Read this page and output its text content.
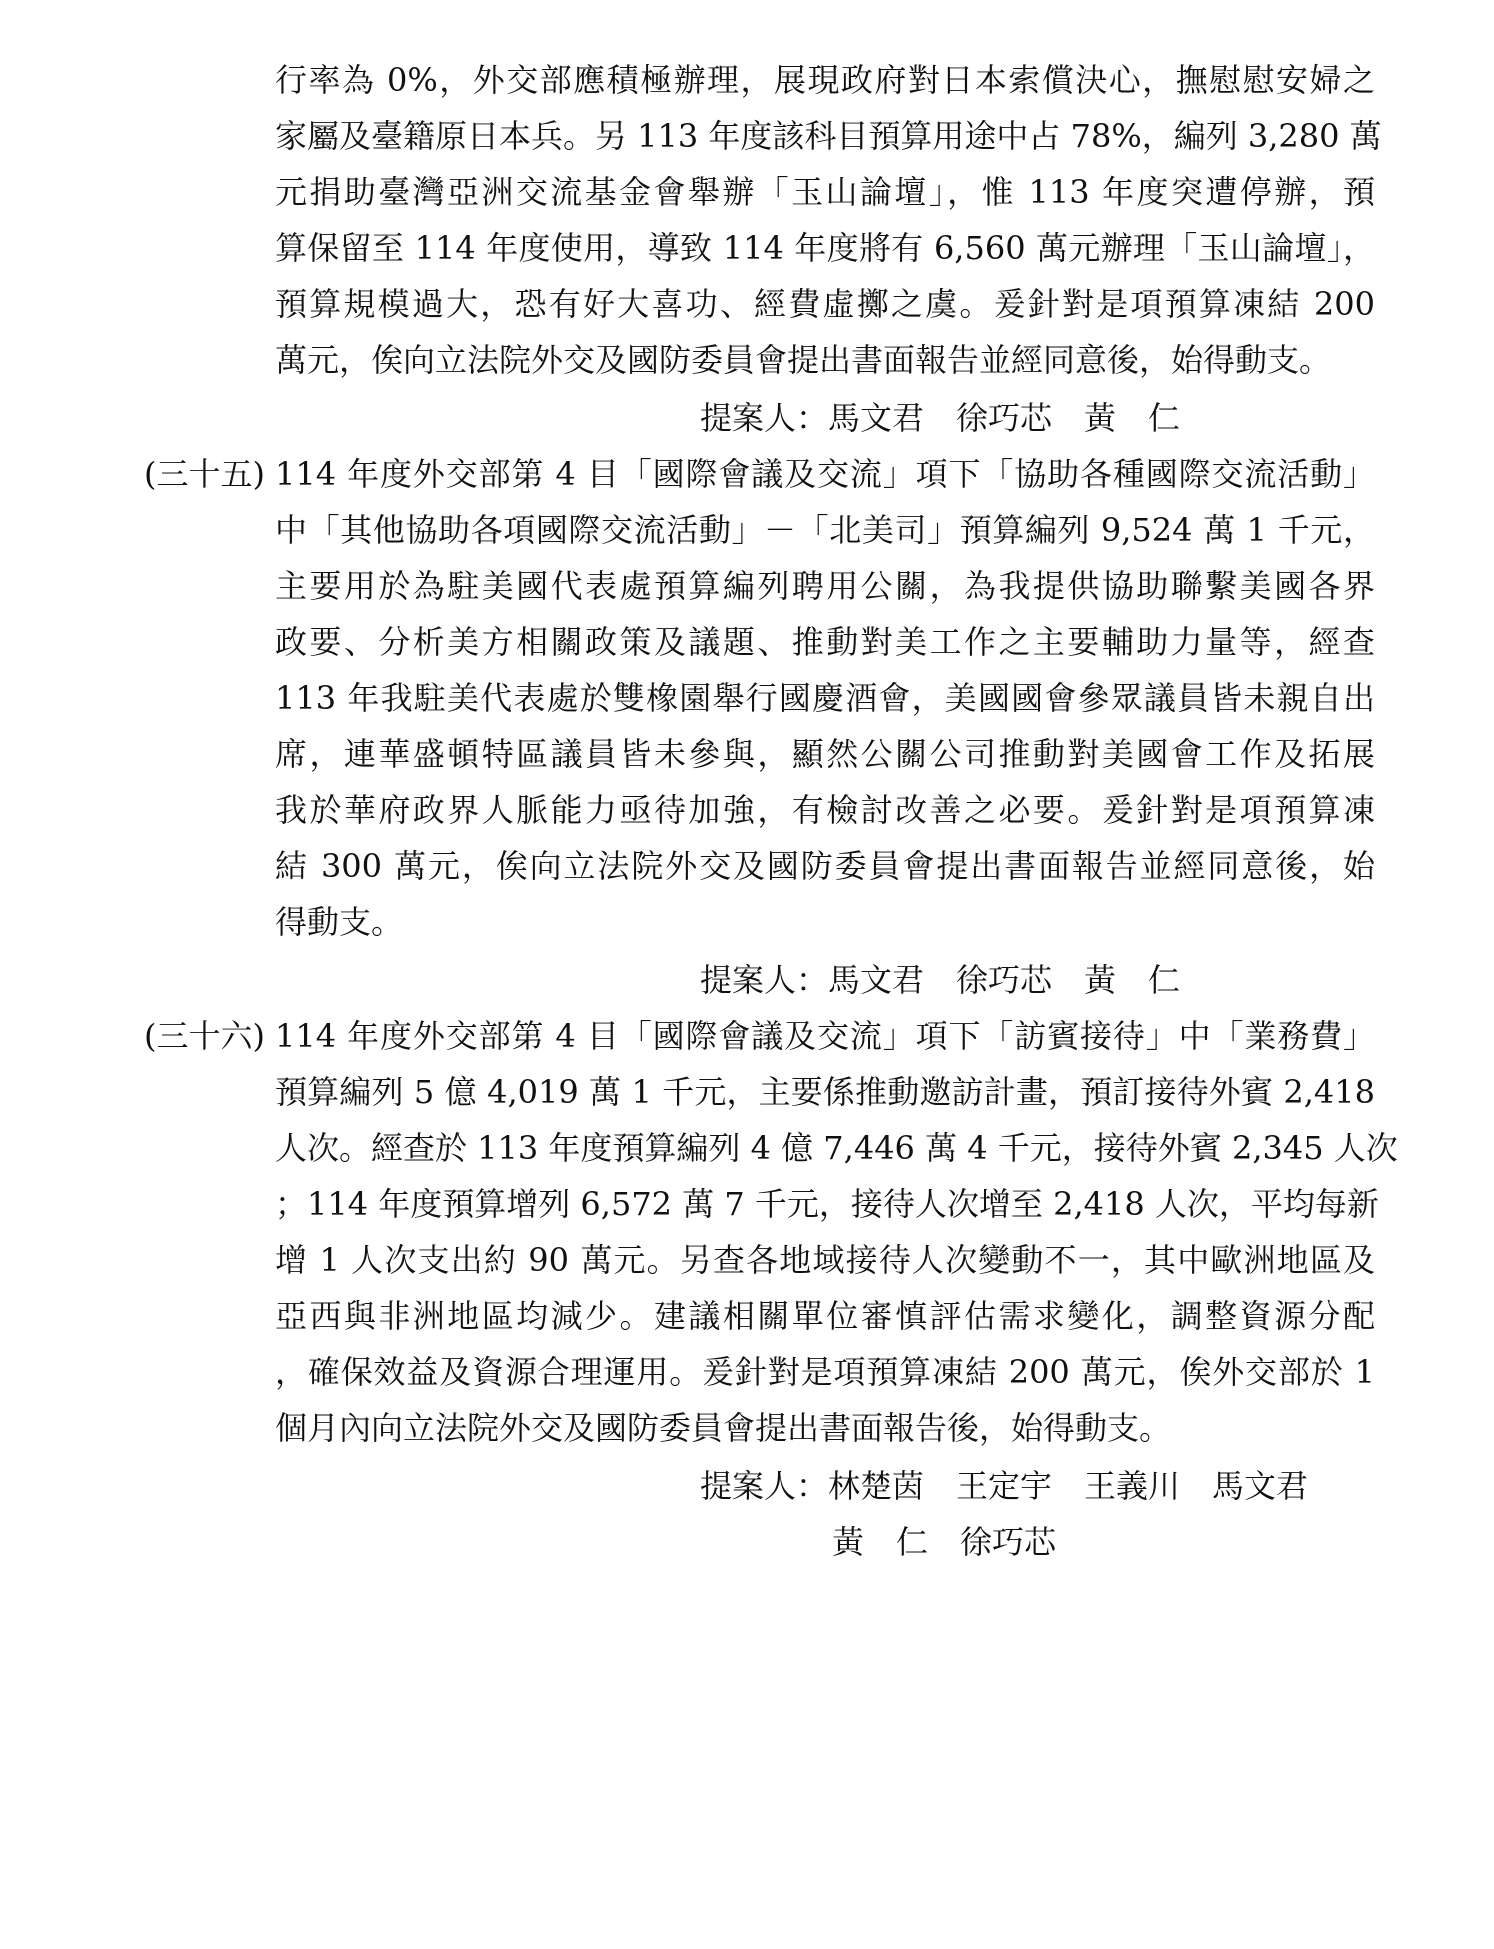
行率為 0%，外交部應積極辦理，展現政府對日本索償決心，撫慰慰安婦之
家屬及臺籍原日本兵。另 113 年度該科目預算用途中占 78%，編列 3,280 萬
元捐助臺灣亞洲交流基金會舉辦「玉山論壇」，惟 113 年度突遭停辦，預
算保留至 114 年度使用，導致 114 年度將有 6,560 萬元辦理「玉山論壇」，
預算規模過大，恐有好大喜功、經費虛擲之虞。爰針對是項預算凍結 200
萬元，俟向立法院外交及國防委員會提出書面報告並經同意後，始得動支。
提案人：馬文君　徐巧芯　黃　仁
(三十五) 114 年度外交部第 4 目「國際會議及交流」項下「協助各種國際交流活動」
中「其他協助各項國際交流活動」－「北美司」預算編列 9,524 萬 1 千元，
主要用於為駐美國代表處預算編列聘用公關，為我提供協助聯繫美國各界
政要、分析美方相關政策及議題、推動對美工作之主要輔助力量等，經查
113 年我駐美代表處於雙橡園舉行國慶酒會，美國國會參眾議員皆未親自出
席，連華盛頓特區議員皆未參與，顯然公關公司推動對美國會工作及拓展
我於華府政界人脈能力亟待加強，有檢討改善之必要。爰針對是項預算凍
結 300 萬元，俟向立法院外交及國防委員會提出書面報告並經同意後，始
得動支。
提案人：馬文君　徐巧芯　黃　仁
(三十六) 114 年度外交部第 4 目「國際會議及交流」項下「訪賓接待」中「業務費」
預算編列 5 億 4,019 萬 1 千元，主要係推動邀訪計畫，預訂接待外賓 2,418
人次。經查於 113 年度預算編列 4 億 7,446 萬 4 千元，接待外賓 2,345 人次
；114 年度預算增列 6,572 萬 7 千元，接待人次增至 2,418 人次，平均每新
增 1 人次支出約 90 萬元。另查各地域接待人次變動不一，其中歐洲地區及
亞西與非洲地區均減少。建議相關單位審慎評估需求變化，調整資源分配
，確保效益及資源合理運用。爰針對是項預算凍結 200 萬元，俟外交部於 1
個月內向立法院外交及國防委員會提出書面報告後，始得動支。
提案人：林楚茵　王定宇　王義川　馬文君
黃　仁　徐巧芯
